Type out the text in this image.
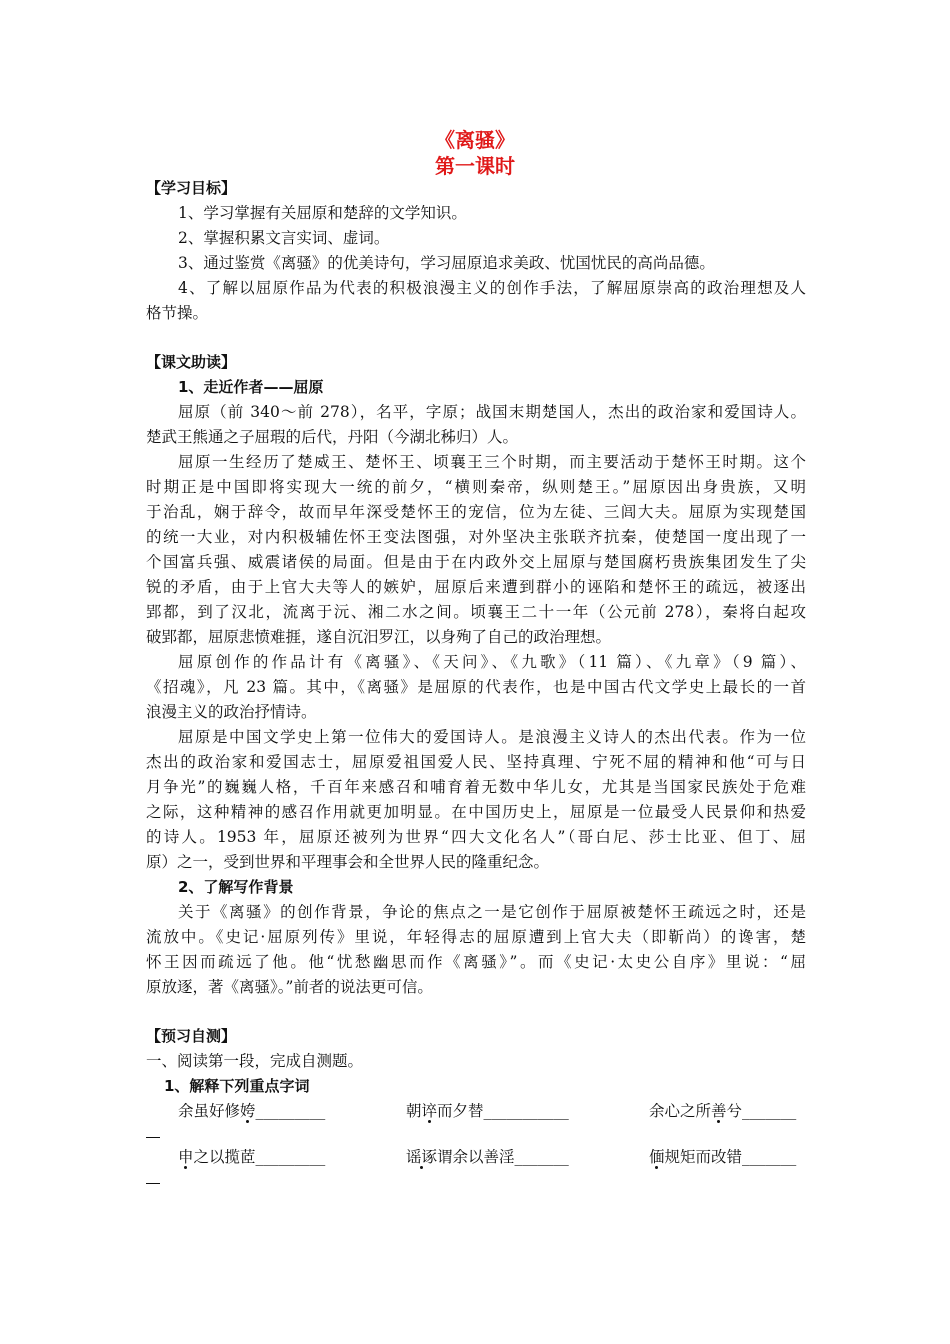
《离骚》
第一课时
【学习目标】
1、学习掌握有关屈原和楚辞的文学知识。
2、掌握积累文言实词、虚词。
3、通过鉴赏《离骚》的优美诗句，学习屈原追求美政、忧国忧民的高尚品德。
4、了解以屈原作品为代表的积极浪漫主义的创作手法，了解屈原崇高的政治理想及人
格节操。
【课文助读】
1、走近作者——屈原
屈原（前 340～前 278），名平，字原；战国末期楚国人，杰出的政治家和爱国诗人。
楚武王熊通之子屈瑕的后代，丹阳（今湖北秭归）人。
屈原一生经历了楚威王、楚怀王、顷襄王三个时期，而主要活动于楚怀王时期。这个
时期正是中国即将实现大一统的前夕，“横则秦帝，纵则楚王。”屈原因出身贵族，又明
于治乱，娴于辞令，故而早年深受楚怀王的宠信，位为左徒、三闾大夫。屈原为实现楚国
的统一大业，对内积极辅佐怀王变法图强，对外坚决主张联齐抗秦，使楚国一度出现了一
个国富兵强、威震诸侯的局面。但是由于在内政外交上屈原与楚国腐朽贵族集团发生了尖
锐的矛盾，由于上官大夫等人的嫉妒，屈原后来遭到群小的诬陷和楚怀王的疏远，被逐出
郢都，到了汉北，流离于沅、湘二水之间。顷襄王二十一年（公元前 278），秦将白起攻
破郢都，屈原悲愤难捱，遂自沉汨罗江，以身殉了自己的政治理想。
屈原创作的作品计有《离骚》、《天问》、《九歌》（11 篇）、《九章》（9 篇）、
《招魂》，凡 23 篇。其中，《离骚》是屈原的代表作，也是中国古代文学史上最长的一首
浪漫主义的政治抒情诗。
屈原是中国文学史上第一位伟大的爱国诗人。是浪漫主义诗人的杰出代表。作为一位
杰出的政治家和爱国志士，屈原爱祖国爱人民、坚持真理、宁死不屈的精神和他“可与日
月争光”的巍巍人格，千百年来感召和哺育着无数中华儿女，尤其是当国家民族处于危难
之际，这种精神的感召作用就更加明显。在中国历史上，屈原是一位最受人民景仰和热爱
的诗人。1953 年，屈原还被列为世界“四大文化名人”（哥白尼、莎士比亚、但丁、屈
原）之一，受到世界和平理事会和全世界人民的隆重纪念。
2、了解写作背景
关于《离骚》的创作背景，争论的焦点之一是它创作于屈原被楚怀王疏远之时，还是
流放中。《史记·屈原列传》里说，年轻得志的屈原遭到上官大夫（即靳尚）的谗害，楚
怀王因而疏远了他。他“忧愁幽思而作《离骚》”。而《史记·太史公自序》里说：“屈
原放逐，著《离骚》。”前者的说法更可信。
【预习自测】
一、阅读第一段，完成自测题。
1、解释下列重点字词
余虽好修姱_________	朝谇而夕替___________	余心之所善兮_______
申之以揽茝_________	谣诼谓余以善淫_______	偭规矩而改错_______
